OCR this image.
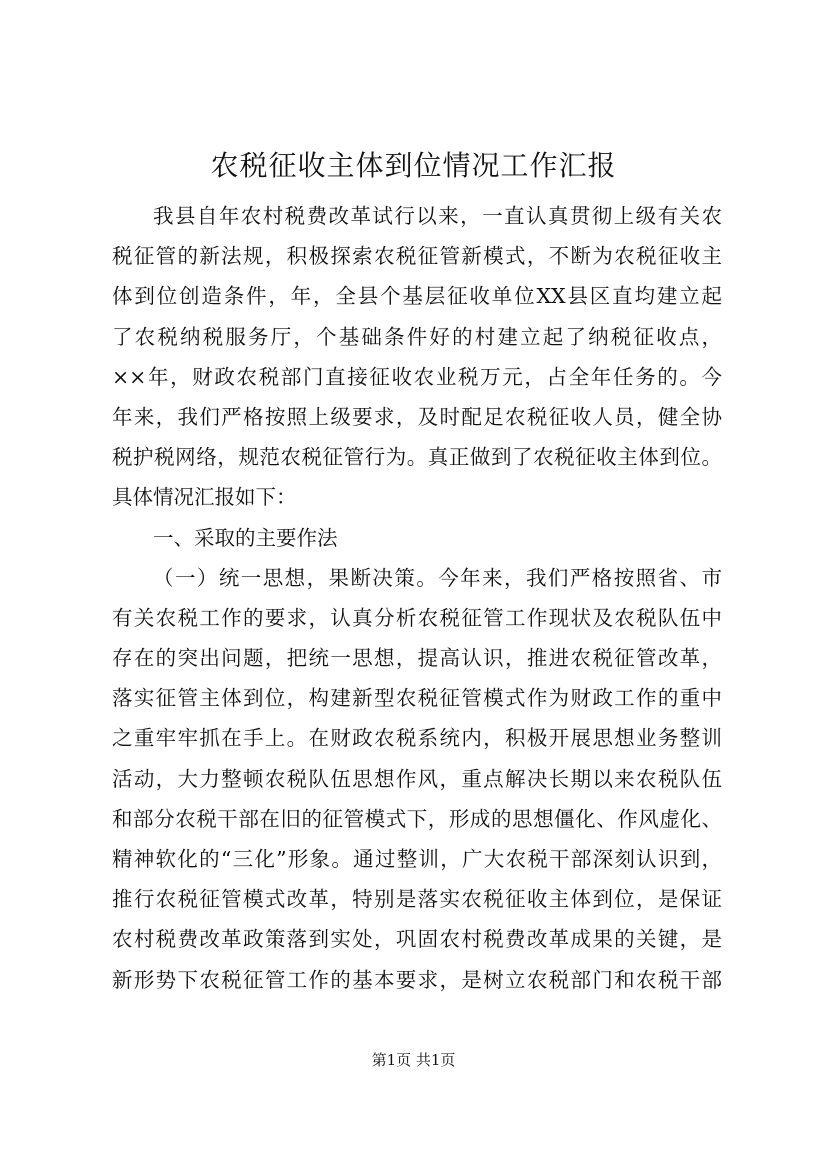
农税征收主体到位情况工作汇报
我县自年农村税费改革试行以来，一直认真贯彻上级有关农
税征管的新法规，积极探索农税征管新模式，不断为农税征收主
体到位创造条件，年，全县个基层征收单位XX县区直均建立起
了农税纳税服务厅，个基础条件好的村建立起了纳税征收点，
××年，财政农税部门直接征收农业税万元，占全年任务的。今
年来，我们严格按照上级要求，及时配足农税征收人员，健全协
税护税网络，规范农税征管行为。真正做到了农税征收主体到位。
具体情况汇报如下：
一、采取的主要作法
（一）统一思想，果断决策。今年来，我们严格按照省、市
有关农税工作的要求，认真分析农税征管工作现状及农税队伍中
存在的突出问题，把统一思想，提高认识，推进农税征管改革，
落实征管主体到位，构建新型农税征管模式作为财政工作的重中
之重牢牢抓在手上。在财政农税系统内，积极开展思想业务整训
活动，大力整顿农税队伍思想作风，重点解决长期以来农税队伍
和部分农税干部在旧的征管模式下，形成的思想僵化、作风虚化、
精神软化的“三化”形象。通过整训，广大农税干部深刻认识到，
推行农税征管模式改革，特别是落实农税征收主体到位，是保证
农村税费改革政策落到实处，巩固农村税费改革成果的关键，是
新形势下农税征管工作的基本要求，是树立农税部门和农税干部
第1页 共1页
